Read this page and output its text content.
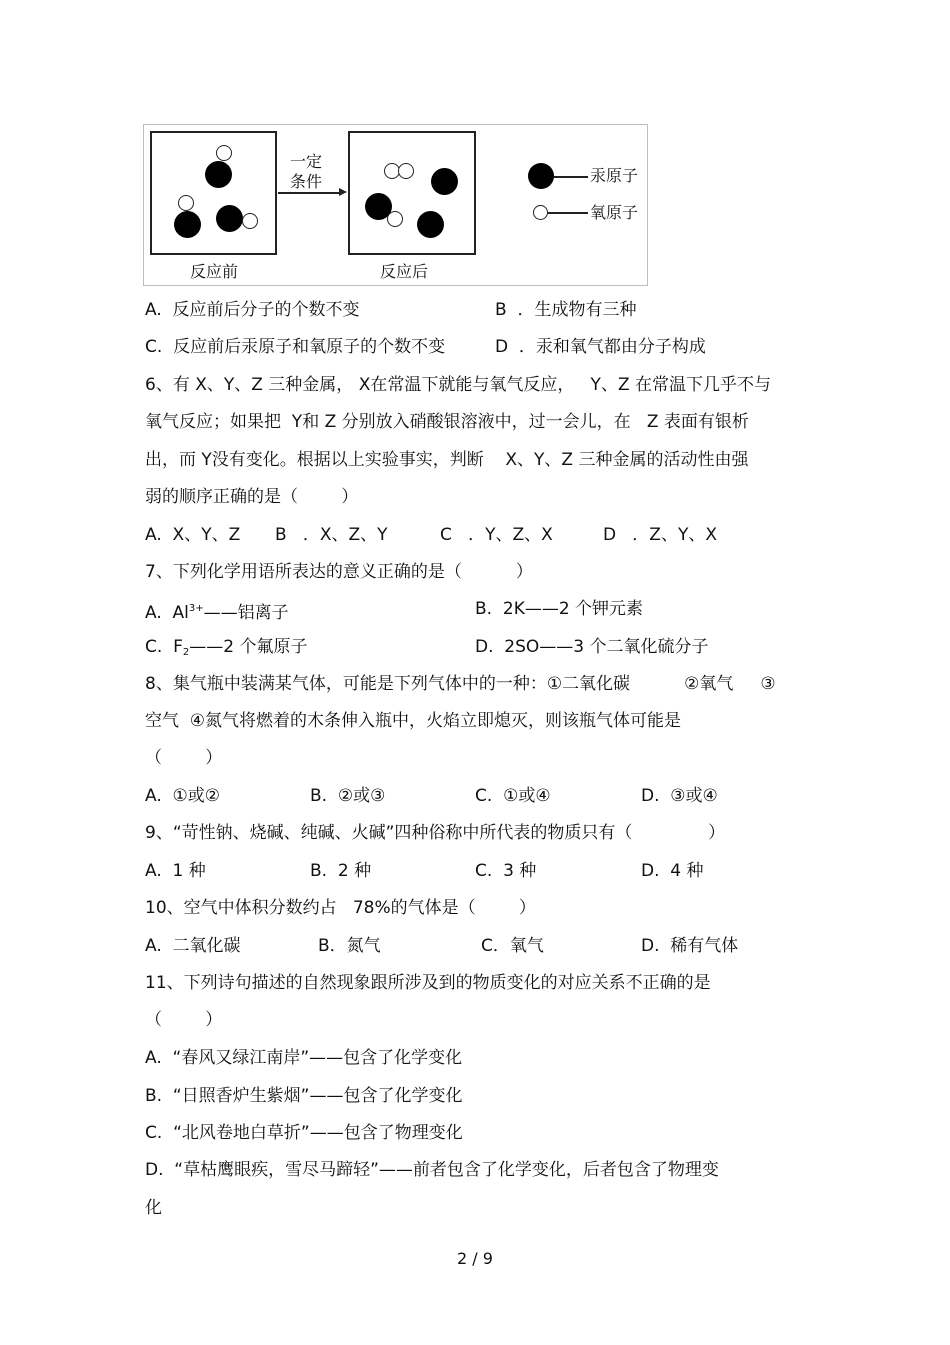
反应前
一定
条件
反应后
汞原子
氧原子
A.  反应前后分子的个数不变	B  ．生成物有三种
C.  反应前后汞原子和氧原子的个数不变	D  ．汞和氧气都由分子构成
6、有 X、Y、Z 三种金属， X在常温下就能与氧气反应，   Y、Z 在常温下几乎不与
氧气反应；如果把  Y和 Z 分别放入硝酸银溶液中，过一会儿，在   Z 表面有银析
出，而 Y没有变化。根据以上实验事实，判断    X、Y、Z 三种金属的活动性由强
弱的顺序正确的是（        ）
A.  X、Y、Z B   ．X、Z、Y	C   ．Y、Z、X	D   ．Z、Y、X
7、下列化学用语所表达的意义正确的是（          ）
A.  $Al^{3+}——$铝离子	B.  2K——2 个钾元素
C.  $F_2——2$ 个氟原子	D.  2SO——3 个二氧化硫分子
8、集气瓶中装满某气体，可能是下列气体中的一种：①二氧化碳          ②氧气     ③
空气  ④氮气将燃着的木条伸入瓶中，火焰立即熄灭，则该瓶气体可能是
（        ）
A.  ①或②	B.  ②或③	C.  ①或④	D.  ③或④
9、“苛性钠、烧碱、纯碱、火碱”四种俗称中所代表的物质只有（              ）
A.  1 种	B.  2 种	C.  3 种	D.  4 种
10、空气中体积分数约占   78%的气体是（        ）
A.  二氧化碳	B．氮气	C．氧气	D.  稀有气体
11、下列诗句描述的自然现象跟所涉及到的物质变化的对应关系不正确的是
（        ）
A.  “春风又绿江南岸”——包含了化学变化
B.  “日照香炉生紫烟”——包含了化学变化
C.  “北风卷地白草折”——包含了物理变化
D.  “草枯鹰眼疾，雪尽马蹄轻”——前者包含了化学变化，后者包含了物理变
化
2 / 9
